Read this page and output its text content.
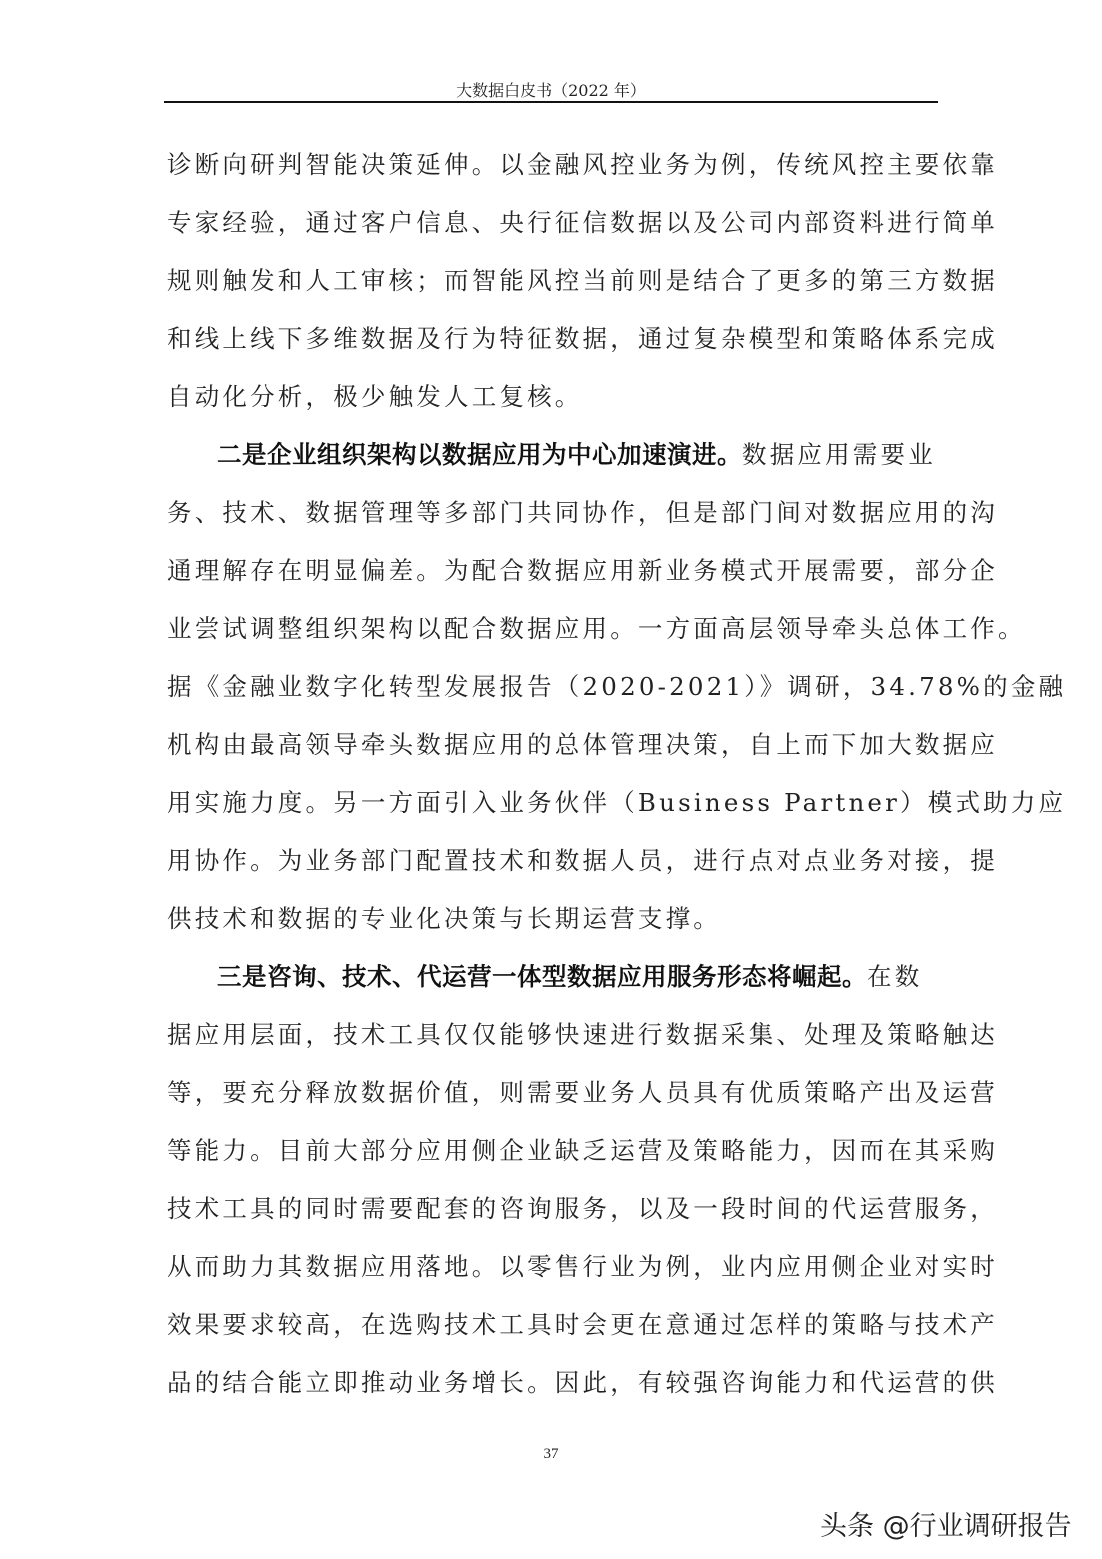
大数据白皮书（2022 年）
诊断向研判智能决策延伸。以金融风控业务为例，传统风控主要依靠
专家经验，通过客户信息、央行征信数据以及公司内部资料进行简单
规则触发和人工审核；而智能风控当前则是结合了更多的第三方数据
和线上线下多维数据及行为特征数据，通过复杂模型和策略体系完成
自动化分析，极少触发人工复核。
二是企业组织架构以数据应用为中心加速演进。数据应用需要业
务、技术、数据管理等多部门共同协作，但是部门间对数据应用的沟
通理解存在明显偏差。为配合数据应用新业务模式开展需要，部分企
业尝试调整组织架构以配合数据应用。一方面高层领导牵头总体工作。
据《金融业数字化转型发展报告（2020-2021）》调研，34.78%的金融
机构由最高领导牵头数据应用的总体管理决策，自上而下加大数据应
用实施力度。另一方面引入业务伙伴（Business Partner）模式助力应
用协作。为业务部门配置技术和数据人员，进行点对点业务对接，提
供技术和数据的专业化决策与长期运营支撑。
三是咨询、技术、代运营一体型数据应用服务形态将崛起。在数
据应用层面，技术工具仅仅能够快速进行数据采集、处理及策略触达
等，要充分释放数据价值，则需要业务人员具有优质策略产出及运营
等能力。目前大部分应用侧企业缺乏运营及策略能力，因而在其采购
技术工具的同时需要配套的咨询服务，以及一段时间的代运营服务，
从而助力其数据应用落地。以零售行业为例，业内应用侧企业对实时
效果要求较高，在选购技术工具时会更在意通过怎样的策略与技术产
品的结合能立即推动业务增长。因此，有较强咨询能力和代运营的供
37
头条 @行业调研报告
